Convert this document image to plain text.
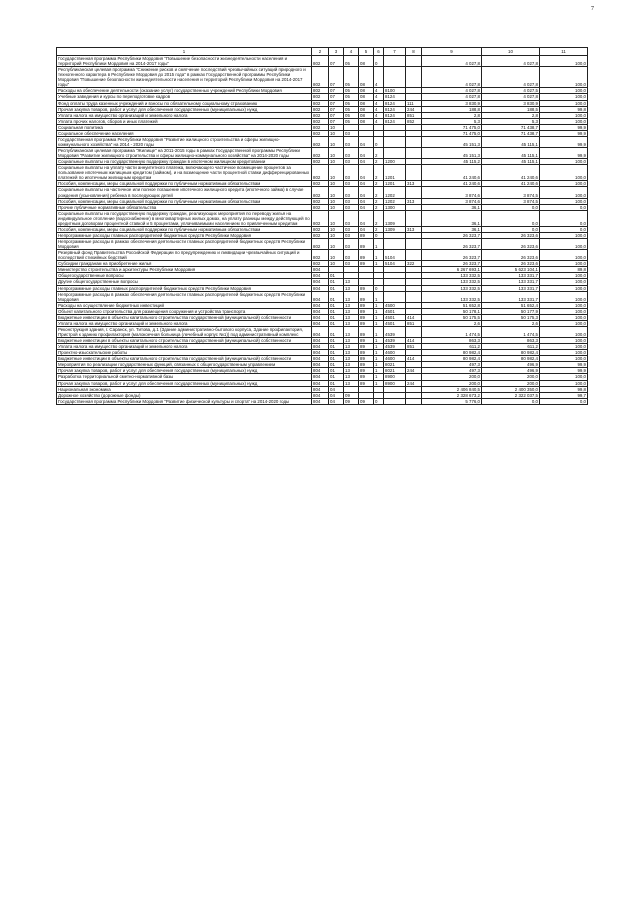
7
1	2	3	4	5	6	7	8	9	10	11
Государственная программа Республики Мордовия "Повышение безопасности жизнедеятельности населения и территорий Республики Мордовия на 2014-2017 годы"	802	07	05	08	0			4 027,8	4 027,8	100,0
Республиканская целевая программа "Снижение рисков и смягчение последствий чрезвычайных ситуаций природного и техногенного характера в Республике Мордовия до 2015 года" в рамках Государственной программы Республики Мордовия "Повышение безопасности жизнедеятельности населения и территорий Республики Мордовия на 2014-2017 годы"	802	07	05	08	4			4 027,8	4 027,8	100,0
Расходы на обеспечение деятельности (оказание услуг) государственных учреждений Республики Мордовия	802	07	05	08	4	8100		4 027,8	4 027,5	100,0
Учебные заведения и курсы по переподготовке кадров	802	07	05	08	4	8124		4 027,8	4 027,8	100,0
Фонд оплаты труда казенных учреждений и взносы по обязательному социальному страхованию	802	07	05	08	4	8124	111	3 830,9	3 830,9	100,0
Прочая закупка товаров, работ и услуг для обеспечения государственных (муниципальных) нужд	802	07	05	08	4	8124	244	188,8	188,5	99,8
Уплата налога на имущество организаций и земельного налога	802	07	05	08	4	8124	851	2,8	2,8	100,0
Уплата прочих налогов, сборов и иных платежей	802	07	05	08	4	8124	852	5,3	5,3	100,0
Социальная политика	802	10						71 475,0	71 438,7	99,9
Социальное обеспечение населения	802	10	03					71 475,0	71 438,7	99,9
Государственная программа Республики Мордовия "Развитие жилищного строительства и сферы жилищно-коммунального хозяйства" на 2014 - 2020 годы	802	10	03	04	0			45 151,3	45 115,1	99,9
Республиканская целевая программа "Жилище" на 2011-2015 годы в рамках Государственной программы Республики Мордовия "Развитие жилищного строительства и сферы жилищно-коммунального хозяйства" на 2014-2020 годы	802	10	03	04	2			45 151,3	45 115,1	99,9
Социальные выплаты на государственную поддержку граждан в ипотечном жилищном кредитовании	802	10	03	04	2	1200		45 115,2	45 115,1	100,0
Социальные выплаты на уплату части аннуитетного платежа, включающего частичное возмещение процентов за пользование ипотечным жилищным кредитом (займом), и на возмещение части процентной ставки дифференцированных платежей по ипотечным жилищным кредитам	802	10	03	04	2	1201		41 240,6	41 240,6	100,0
Пособия, компенсации, меры социальной поддержки по публичным нормативным обязательствам	802	10	03	04	2	1201	313	41 240,6	41 240,6	100,0
Социальные выплаты на частичное или полное погашение ипотечного жилищного кредита (ипотечного займа) в случае рождения (усыновления) ребенка в последующих детей	802	10	03	04	2	1202		3 874,6	3 874,5	100,0
Пособия, компенсации, меры социальной поддержки по публичным нормативным обязательствам	802	10	03	04	2	1202	313	3 874,6	3 874,5	100,0
Прочие публичные нормативные обязательства	802	10	03	04	2	1300		36,1	0,0	0,0
Социальные выплаты на государственную поддержку граждан, реализующих мероприятия по переводу жилья на индивидуальное отопление (водоснабжение) в многоквартирных жилых домах, на уплату разницы между действующей по кредитным договорам процентной ставкой и 5 процентами, уплачиваемыми населением по привлеченным кредитам	802	10	03	04	2	1309		36,1	0,0	0,0
Пособия, компенсации, меры социальной поддержки по публичным нормативным обязательствам	802	10	03	04	2	1309	313	36,1	0,0	0,0
Непрограммные расходы главных распорядителей бюджетных средств Республики Мордовия	802	10	03	89	0			26 323,7	26 323,6	100,0
Непрограммные расходы в рамках обеспечения деятельности главных распорядителей бюджетных средств Республики Мордовия	802	10	03	89	1			26 323,7	26 323,6	100,0
Резервный фонд Правительства Российской Федерации по предупреждению и ликвидации чрезвычайных ситуаций и последствий стихийных бедствий	802	10	03	89	1	5104		26 323,7	26 323,6	100,0
Субсидии гражданам на приобретение жилья	802	10	03	89	1	5104	322	26 323,7	26 323,6	100,0
Министерство строительства и архитектуры Республики Мордовия	804							6 267 693,1	5 623 104,1	89,8
Общегосударственные вопросы	804	01						133 332,5	133 331,7	100,0
Другие общегосударственные вопросы	804	01	13					133 332,5	133 331,7	100,0
Непрограммные расходы главных распорядителей бюджетных средств Республики Мордовия	804	01	13	89	0			133 332,5	133 331,7	100,0
Непрограммные расходы в рамках обеспечения деятельности главных распорядителей бюджетных средств Республики Мордовия	804	01	13	89	1			133 332,5	133 331,7	100,0
Расходы на осуществление бюджетных инвестиций	804	01	13	89	1	4500		51 652,8	51 652,4	100,0
Объект капитального строительства для размещения сооружения и устройства транспорта	804	01	13	89	1	4501		50 178,1	50 177,9	100,0
Бюджетные инвестиции в объекты капитального строительства государственной (муниципальной) собственности	804	01	13	89	1	4501	414	50 175,5	50 175,3	100,0
Уплата налога на имущество организаций и земельного налога	804	01	13	89	1	4501	851	2,6	2,6	100,0
Реконструкция здания, г. Саранск, ул. Титова, д.1 (Здание административно-бытового корпуса, Здание профилактория, Пристрой к зданию профилактория (малокоечная больница (лечебный корпус №1)) под административный комплекс	804	01	13	89	1	4539		1 474,5	1 474,5	100,0
Бюджетные инвестиции в объекты капитального строительства государственной (муниципальной) собственности	804	01	13	89	1	4539	414	863,3	863,3	100,0
Уплата налога на имущество организаций и земельного налога	804	01	13	89	1	4539	851	611,2	611,2	100,0
Проектно-изыскательские работы	804	01	13	89	1	4600		80 982,4	80 982,4	100,0
Бюджетные инвестиции в объекты капитального строительства государственной (муниципальной) собственности	804	01	13	89	1	4600	414	80 982,4	80 982,4	100,0
Мероприятия по реализации государственных функций, связанных с общегосударственным управлением	804	01	13	89	1	8021		497,3	496,9	99,9
Прочая закупка товаров, работ и услуг для обеспечения государственных (муниципальных) нужд	804	01	13	89	1	8021	244	497,3	496,9	99,9
Разработка территориальной сметно-нормативной базы	804	01	13	89	1	8900		200,0	200,0	100,0
Прочая закупка товаров, работ и услуг для обеспечения государственных (муниципальных) нужд	804	01	13	89	1	8900	244	200,0	200,0	100,0
Национальная экономика	804	04						2 406 840,5	2 400 350,0	99,8
Дорожное хозяйство (дорожные фонды)	804	04	09					2 328 673,2	2 322 037,5	99,7
Государственная программа Республики Мордовия "Развитие физической культуры и спорта" на 2014-2020 годы	804	04	09	09	0			5 776,0	0,0	0,0
